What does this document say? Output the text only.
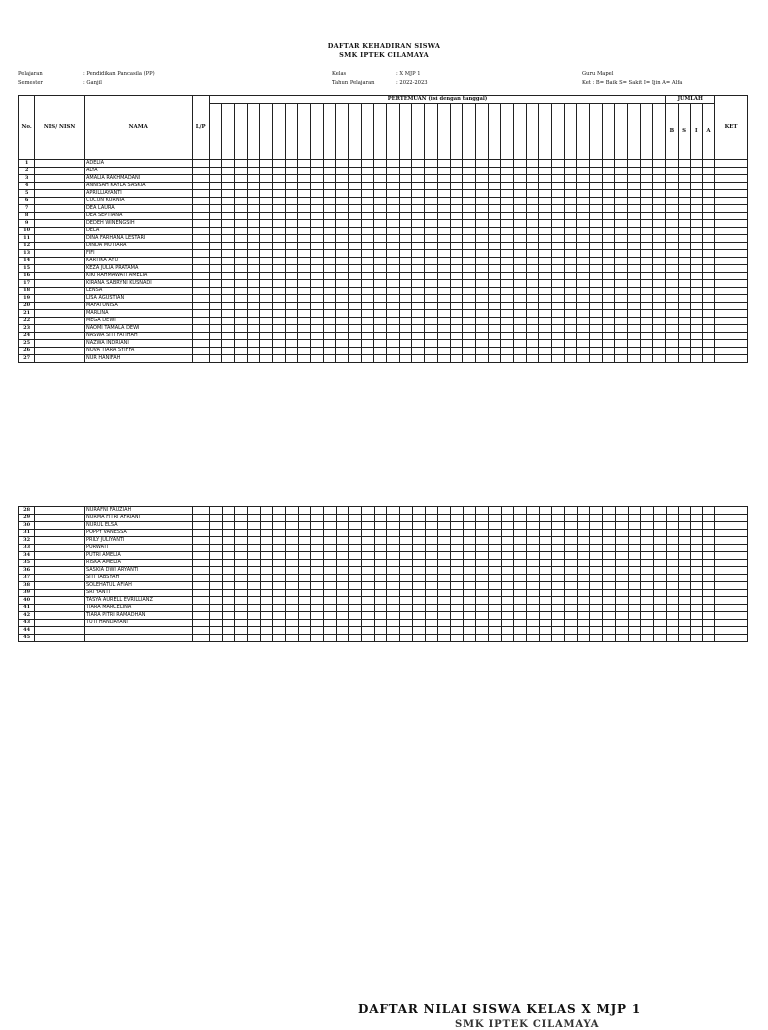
DAFTAR KEHADIRAN SISWA
SMK IPTEK CILAMAYA
Pelajaran	: Pendidikan Pancasila (PP)
Semester	: Ganjil
Kelas	: X MJP 1
Tahun Pelajaran	: 2022-2023
Guru Mapel
Ket : B= Baik S= Sakit I= Ijin A= Alfa
No.	NIS/ NISN	NAMA	L/P	PERTEMUAN (isi dengan tanggal)																																				JUMLAH				KET
																																								B	S	I	A	

1		ADELIA																																										
2		ALYA																																										
3		AMALIA RAKHMADANI																																										
4		ANNISAH KAYLA SASKIA																																										
5		APRILLIAYANTI																																										
6		CUCUN KURNIA																																										
7		DEA LAURA																																										
8		DEA SEPTIANA																																										
9		DEDEH WINENGSIH																																										
10		DELA																																										
11		DINA FARHANA LESTARI																																										
12		DINDA MUTIARA																																										
13		FIFI																																										
14		KARTIKA AYU																																										
15		KEZA JULIA PRATAMA																																										
16		KIKI RAHMAWATI AMELIA																																										
17		KIRANA SABRYNI KUSNADI																																										
18		LENSA																																										
19		LISA AGUSTIAN																																										
20		MAFATUNISA																																										
21		MARLINA																																										
22		MEGA DEWI																																										
23		NAOMI TAMALA DEWI																																										
24		NASWA SITI FATIHAH																																										
25		NAZWA INDRIANI																																										
26		NOVA TIARA SYIFFA																																										
27		NUR HANIFAH																																										
28		NURAFNI FAUZIAH																																										
29		NURMA FITRI AFRIANI																																										
30		NURUL ELSA																																										
31		POPPY VANESSA																																										
32		PRILY JULIYANTI																																										
33		PURWATI																																										
34		PUTRI AMELIA																																										
35		RISKA AMELIA																																										
36		SASKIA DWI ARYANTI																																										
37		SITI TABSYAH																																										
38		SOLEHATUL AFIAH																																										
39		SRI YANTI																																										
40		TASYA AURELL EVRILLIANZ																																										
41		TIARA MARCELINA																																										
42		TIARA PITRI RAMADHAN																																										
43		TUTI HANDAYANI																																										
44																																												
45																																												
DAFTAR NILAI SISWA KELAS X MJP 1
SMK IPTEK CILAMAYA
